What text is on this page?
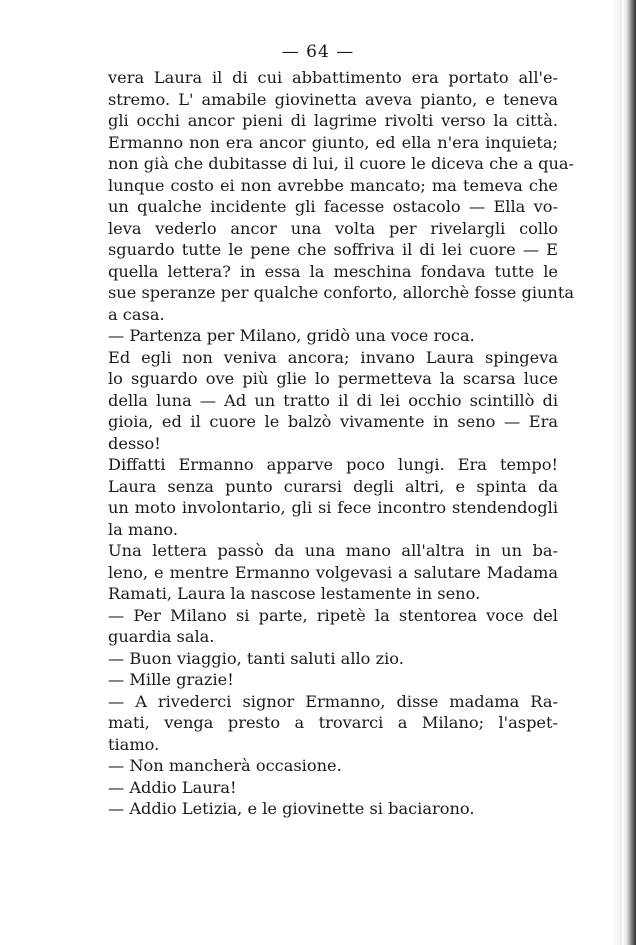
— 64 —
vera Laura il di cui abbattimento era portato all'e-
stremo. L' amabile giovinetta aveva pianto, e teneva
gli occhi ancor pieni di lagrime rivolti verso la città.
Ermanno non era ancor giunto, ed ella n'era inquieta;
non già che dubitasse di lui, il cuore le diceva che a qua-
lunque costo ei non avrebbe mancato; ma temeva che
un qualche incidente gli facesse ostacolo — Ella vo-
leva vederlo ancor una volta per rivelargli collo
sguardo tutte le pene che soffriva il di lei cuore — E
quella lettera? in essa la meschina fondava tutte le
sue speranze per qualche conforto, allorchè fosse giunta
a casa.
— Partenza per Milano, gridò una voce roca.
Ed egli non veniva ancora; invano Laura spingeva
lo sguardo ove più glie lo permetteva la scarsa luce
della luna — Ad un tratto il di lei occhio scintillò di
gioia, ed il cuore le balzò vivamente in seno — Era
desso!
Diffatti Ermanno apparve poco lungi. Era tempo!
Laura senza punto curarsi degli altri, e spinta da
un moto involontario, gli si fece incontro stendendogli
la mano.
Una lettera passò da una mano all'altra in un ba-
leno, e mentre Ermanno volgevasi a salutare Madama
Ramati, Laura la nascose lestamente in seno.
— Per Milano si parte, ripetè la stentorea voce del
guardia sala.
— Buon viaggio, tanti saluti allo zio.
— Mille grazie!
— A rivederci signor Ermanno, disse madama Ra-
mati, venga presto a trovarci a Milano; l'aspet-
tiamo.
— Non mancherà occasione.
— Addio Laura!
— Addio Letizia, e le giovinette si baciarono.
